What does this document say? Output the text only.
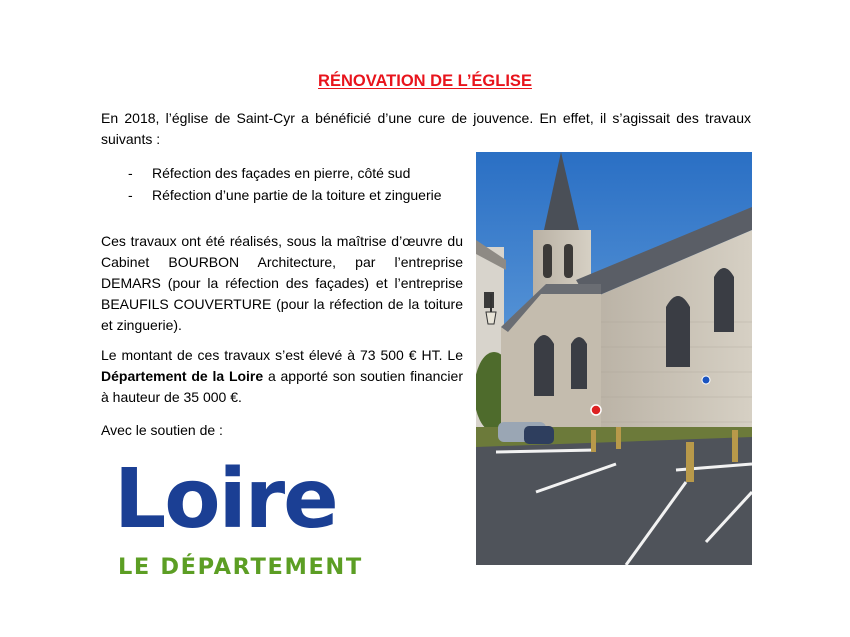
RÉNOVATION DE L’ÉGLISE
En 2018, l’église de Saint-Cyr a bénéficié d’une cure de jouvence. En effet, il s’agissait des travaux suivants :
- Réfection des façades en pierre, côté sud
- Réfection d’une partie de la toiture et zinguerie

Ces travaux ont été réalisés, sous la maîtrise d’œuvre du Cabinet BOURBON Architecture, par l’entreprise DEMARS (pour la réfection des façades) et l’entreprise BEAUFILS COUVERTURE (pour la réfection de la toiture et zinguerie).

Le montant de ces travaux s’est élevé à 73 500 € HT. Le Département de la Loire a apporté son soutien financier à hauteur de 35 000 €.

Avec le soutien de :

Loire
LE DÉPARTEMENT
